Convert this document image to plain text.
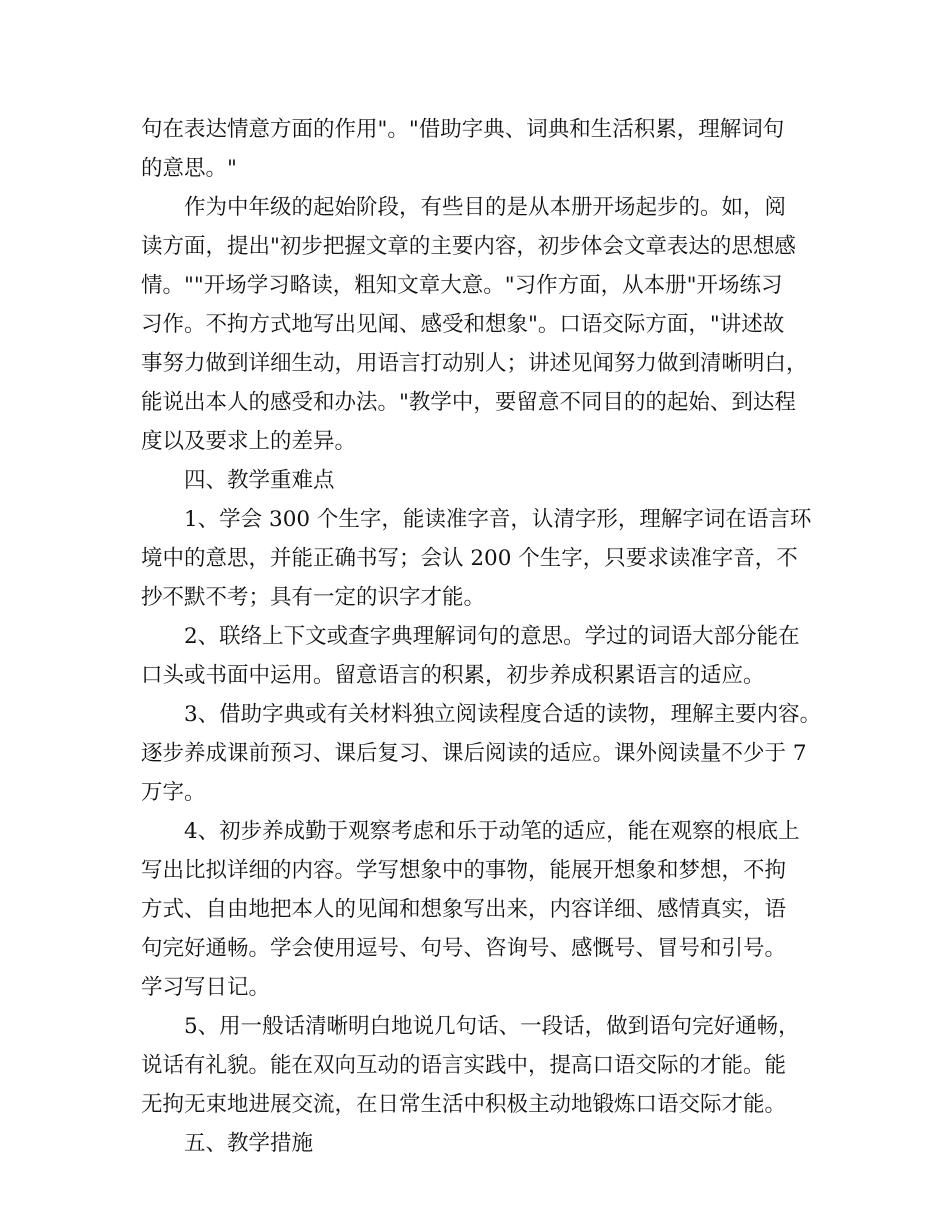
句在表达情意方面的作用"。"借助字典、词典和生活积累，理解词句
的意思。"
作为中年级的起始阶段，有些目的是从本册开场起步的。如，阅
读方面，提出"初步把握文章的主要内容，初步体会文章表达的思想感
情。""开场学习略读，粗知文章大意。"习作方面，从本册"开场练习
习作。不拘方式地写出见闻、感受和想象"。口语交际方面，"讲述故
事努力做到详细生动，用语言打动别人；讲述见闻努力做到清晰明白，
能说出本人的感受和办法。"教学中，要留意不同目的的起始、到达程
度以及要求上的差异。
四、教学重难点
1、学会 300 个生字，能读准字音，认清字形，理解字词在语言环
境中的意思，并能正确书写；会认 200 个生字，只要求读准字音，不
抄不默不考；具有一定的识字才能。
2、联络上下文或查字典理解词句的意思。学过的词语大部分能在
口头或书面中运用。留意语言的积累，初步养成积累语言的适应。
3、借助字典或有关材料独立阅读程度合适的读物，理解主要内容。
逐步养成课前预习、课后复习、课后阅读的适应。课外阅读量不少于 7
万字。
4、初步养成勤于观察考虑和乐于动笔的适应，能在观察的根底上
写出比拟详细的内容。学写想象中的事物，能展开想象和梦想，不拘
方式、自由地把本人的见闻和想象写出来，内容详细、感情真实，语
句完好通畅。学会使用逗号、句号、咨询号、感慨号、冒号和引号。
学习写日记。
5、用一般话清晰明白地说几句话、一段话，做到语句完好通畅，
说话有礼貌。能在双向互动的语言实践中，提高口语交际的才能。能
无拘无束地进展交流，在日常生活中积极主动地锻炼口语交际才能。
五、教学措施
